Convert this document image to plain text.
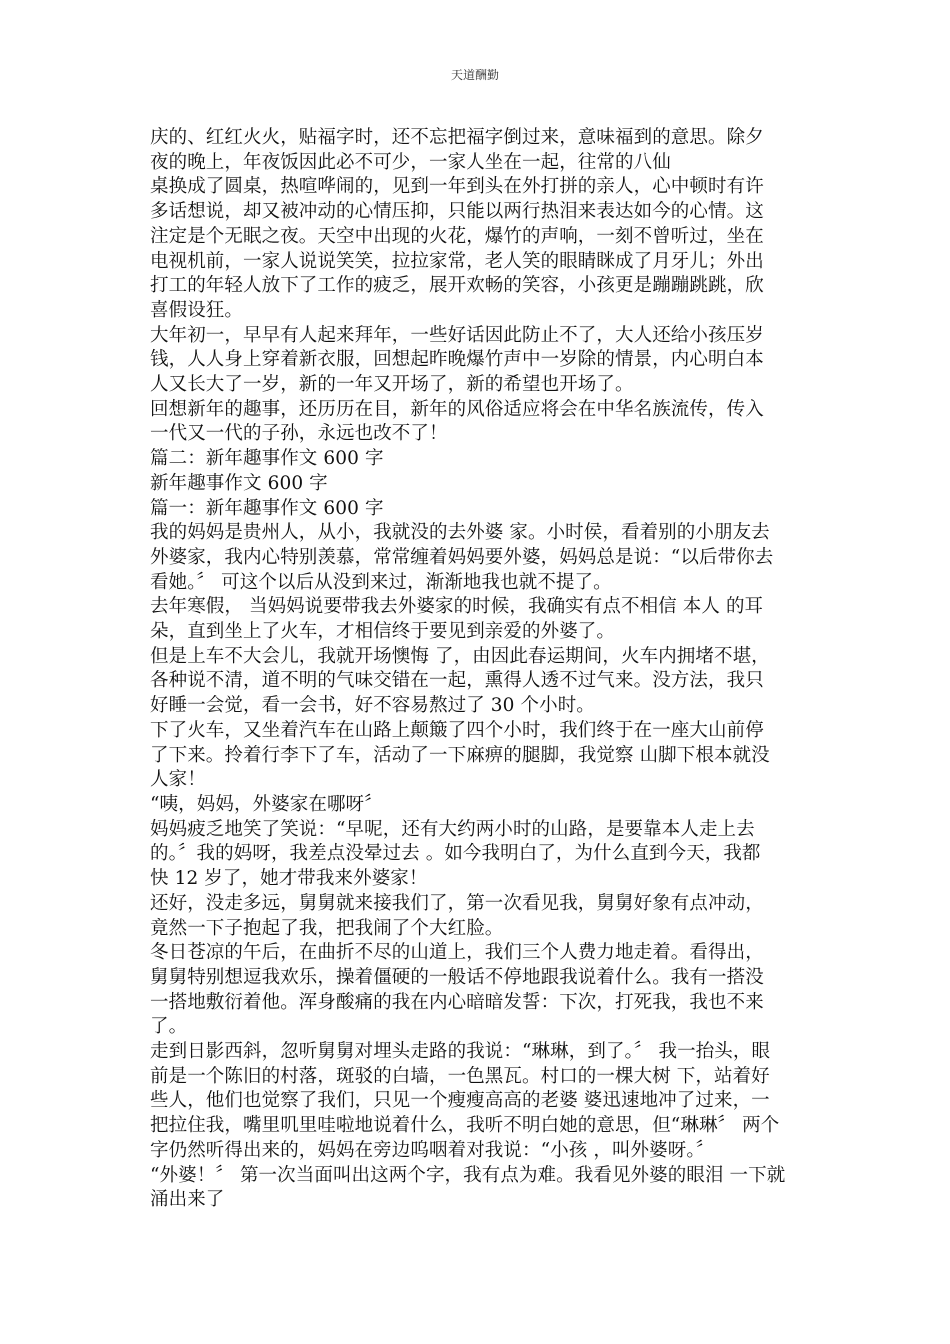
天道酬勤
庆的、红红火火，贴福字时，还不忘把福字倒过来，意味福到的意思。除夕
夜的晚上，年夜饭因此必不可少，一家人坐在一起，往常的八仙
桌换成了圆桌，热喧哗闹的，见到一年到头在外打拼的亲人，心中顿时有许
多话想说，却又被冲动的心情压抑，只能以两行热泪来表达如今的心情。这
注定是个无眠之夜。天空中出现的火花，爆竹的声响，一刻不曾听过，坐在
电视机前，一家人说说笑笑，拉拉家常，老人笑的眼睛眯成了月牙儿；外出
打工的年轻人放下了工作的疲乏，展开欢畅的笑容，小孩更是蹦蹦跳跳，欣
喜假设狂。
大年初一，早早有人起来拜年，一些好话因此防止不了，大人还给小孩压岁
钱，人人身上穿着新衣服，回想起昨晚爆竹声中一岁除的情景，内心明白本
人又长大了一岁，新的一年又开场了，新的希望也开场了。
回想新年的趣事，还历历在目，新年的风俗适应将会在中华名族流传，传入
一代又一代的子孙，永远也改不了！
篇二：新年趣事作文 600 字
新年趣事作文 600 字
篇一：新年趣事作文 600 字
我的妈妈是贵州人，从小，我就没的去外婆 家。小时侯，看着别的小朋友去
外婆家，我内心特别羡慕，常常缠着妈妈要外婆，妈妈总是说：“以后带你去
看她。〞 可这个以后从没到来过，渐渐地我也就不提了。
去年寒假， 当妈妈说要带我去外婆家的时候，我确实有点不相信 本人 的耳
朵，直到坐上了火车，才相信终于要见到亲爱的外婆了。
但是上车不大会儿，我就开场懊悔 了，由因此春运期间，火车内拥堵不堪，
各种说不清，道不明的气味交错在一起，熏得人透不过气来。没方法，我只
好睡一会觉，看一会书，好不容易熬过了 30 个小时。
下了火车，又坐着汽车在山路上颠簸了四个小时，我们终于在一座大山前停
了下来。拎着行李下了车，活动了一下麻痹的腿脚，我觉察 山脚下根本就没
人家！
“咦，妈妈，外婆家在哪呀〞
妈妈疲乏地笑了笑说：“早呢，还有大约两小时的山路，是要靠本人走上去
的。〞我的妈呀，我差点没晕过去 。如今我明白了，为什么直到今天，我都
快 12 岁了，她才带我来外婆家！
还好，没走多远，舅舅就来接我们了，第一次看见我，舅舅好象有点冲动，
竟然一下子抱起了我，把我闹了个大红脸。
冬日苍凉的午后，在曲折不尽的山道上，我们三个人费力地走着。看得出，
舅舅特别想逗我欢乐，操着僵硬的一般话不停地跟我说着什么。我有一搭没
一搭地敷衍着他。浑身酸痛的我在内心暗暗发誓：下次，打死我，我也不来
了。
走到日影西斜，忽听舅舅对埋头走路的我说：“琳琳，到了。〞 我一抬头，眼
前是一个陈旧的村落，斑驳的白墙，一色黑瓦。村口的一棵大树 下，站着好
些人，他们也觉察了我们，只见一个瘦瘦高高的老婆 婆迅速地冲了过来，一
把拉住我，嘴里叽里哇啦地说着什么，我听不明白她的意思，但“琳琳〞 两个
字仍然听得出来的，妈妈在旁边呜咽着对我说：“小孩 ，叫外婆呀。〞
“外婆！〞 第一次当面叫出这两个字，我有点为难。我看见外婆的眼泪 一下就
涌出来了
